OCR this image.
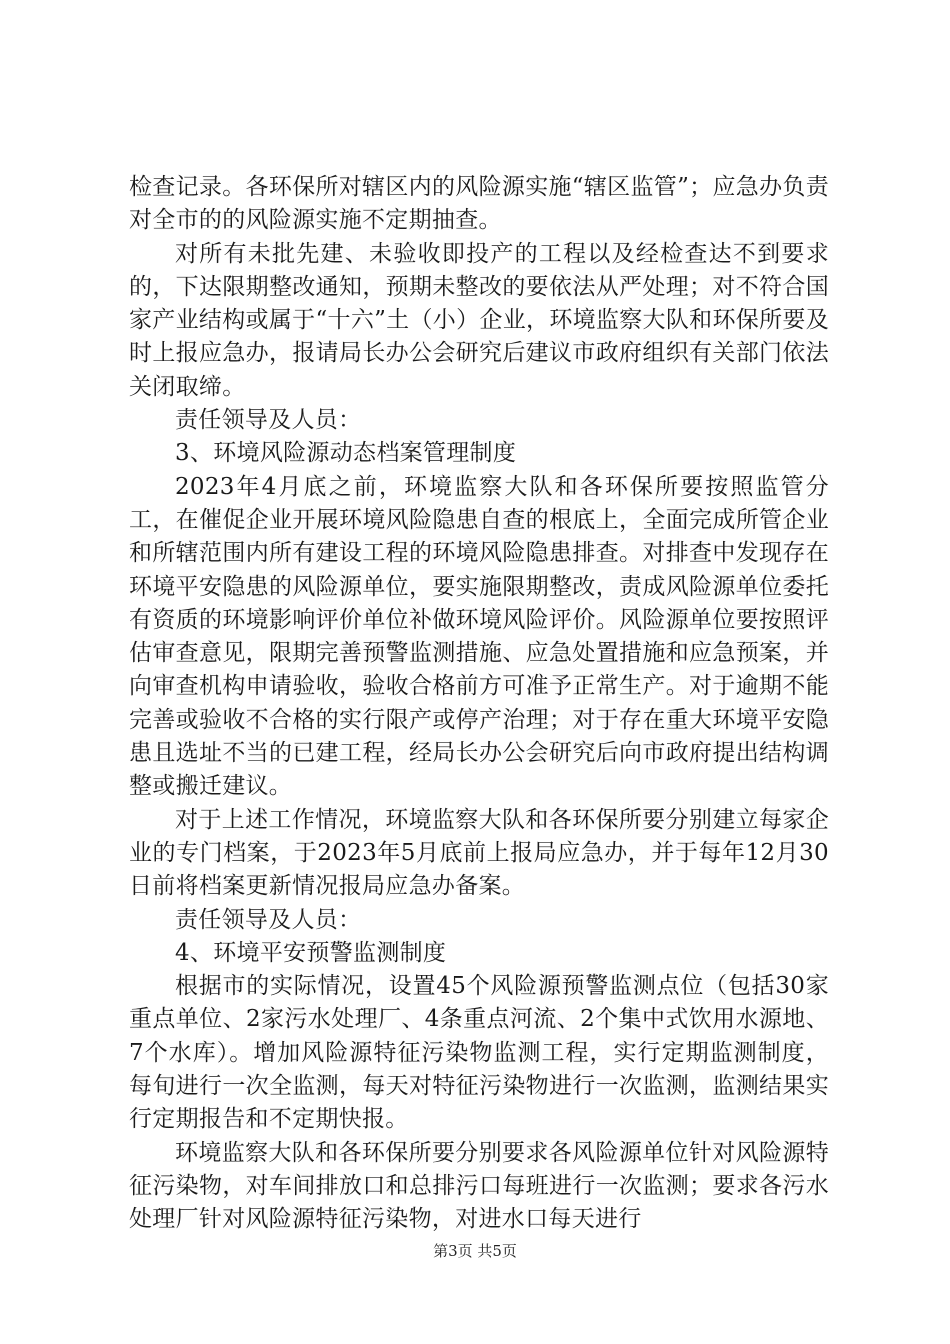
检查记录。各环保所对辖区内的风险源实施“辖区监管”；应急办负责对全市的的风险源实施不定期抽查。

对所有未批先建、未验收即投产的工程以及经检查达不到要求的，下达限期整改通知，预期未整改的要依法从严处理；对不符合国家产业结构或属于“十六”土（小）企业，环境监察大队和环保所要及时上报应急办，报请局长办公会研究后建议市政府组织有关部门依法关闭取缔。

责任领导及人员：

3、环境风险源动态档案管理制度

2023年4月底之前，环境监察大队和各环保所要按照监管分工，在催促企业开展环境风险隐患自查的根底上，全面完成所管企业和所辖范围内所有建设工程的环境风险隐患排查。对排查中发现存在环境平安隐患的风险源单位，要实施限期整改，责成风险源单位委托有资质的环境影响评价单位补做环境风险评价。风险源单位要按照评估审查意见，限期完善预警监测措施、应急处置措施和应急预案，并向审查机构申请验收，验收合格前方可准予正常生产。对于逾期不能完善或验收不合格的实行限产或停产治理；对于存在重大环境平安隐患且选址不当的已建工程，经局长办公会研究后向市政府提出结构调整或搬迁建议。

对于上述工作情况，环境监察大队和各环保所要分别建立每家企业的专门档案，于2023年5月底前上报局应急办，并于每年12月30日前将档案更新情况报局应急办备案。

责任领导及人员：

4、环境平安预警监测制度

根据市的实际情况，设置45个风险源预警监测点位（包括30家重点单位、2家污水处理厂、4条重点河流、2个集中式饮用水源地、7个水库）。增加风险源特征污染物监测工程，实行定期监测制度，每旬进行一次全监测，每天对特征污染物进行一次监测，监测结果实行定期报告和不定期快报。

环境监察大队和各环保所要分别要求各风险源单位针对风险源特征污染物，对车间排放口和总排污口每班进行一次监测；要求各污水处理厂针对风险源特征污染物，对进水口每天进行

第3页 共5页
